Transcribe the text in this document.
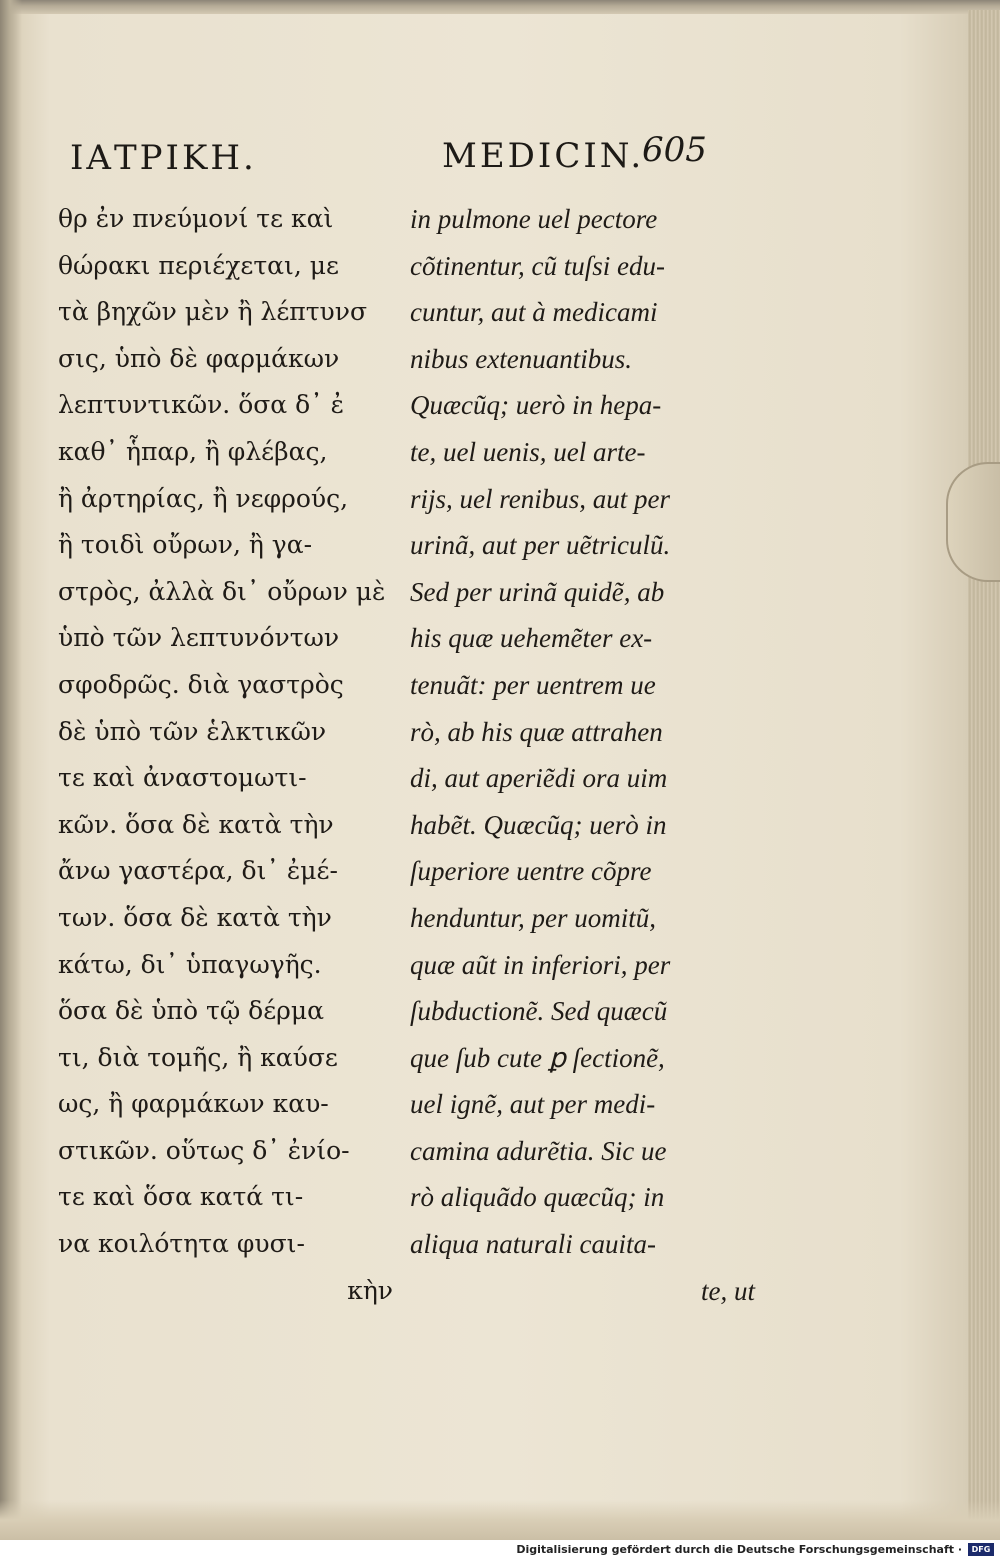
ΙΑΤΡΙΚΗ.	MEDICIN.
605
θρ ἐν πνεύμονί τε καὶ
θώρακι περιέχεται, με
τὰ βηχῶν μὲν ἢ λέπτυνσ
σις, ὑπὸ δὲ φαρμάκων
λεπτυντικῶν. ὅσα δ᾽ ἐ
καθ᾽ ἧπαρ, ἢ φλέβας,
ἢ ἀρτηρίας, ἢ νεφρούς,
ἢ τοιδὶ οὔρων, ἢ γα-
στρὸς, ἀλλὰ δι᾽ οὔρων μὲ
ὑπὸ τῶν λεπτυνόντων
σφοδρῶς. διὰ γαστρὸς
δὲ ὑπὸ τῶν ἑλκτικῶν
τε καὶ ἀναστομωτι-
κῶν. ὅσα δὲ κατὰ τὴν
ἄνω γαστέρα, δι᾽ ἐμέ-
των. ὅσα δὲ κατὰ τὴν
κάτω, δι᾽ ὑπαγωγῆς.
ὅσα δὲ ὑπὸ τῷ δέρμα
τι, διὰ τομῆς, ἢ καύσε
ως, ἢ φαρμάκων καυ-
στικῶν. οὕτως δ᾽ ἐνίο-
τε καὶ ὅσα κατά τι-
να κοιλότητα φυσι-
κὴν
in pulmone uel pectore
cõtinentur, cũ tuſsi edu-
cuntur, aut à medicami
nibus extenuantibus.
Quæcũq; uerò in hepa-
te, uel uenis, uel arte-
rijs, uel renibus, aut per
urinã, aut per uẽtriculũ.
Sed per urinã quidẽ, ab
his quæ uehemẽter ex-
tenuãt: per uentrem ue
rò, ab his quæ attrahen
di, aut aperiẽdi ora uim
habẽt. Quæcũq; uerò in
ſuperiore uentre cõpre
henduntur, per uomitũ,
quæ aũt in inferiori, per
ſubductionẽ. Sed quæcũ
que ſub cute ꝑ ſectionẽ,
uel ignẽ, aut per medi-
camina adurẽtia. Sic ue
rò aliquãdo quæcũq; in
aliqua naturali cauita-
te, ut
Digitalisierung gefördert durch die Deutsche Forschungsgemeinschaft ·	DFG
